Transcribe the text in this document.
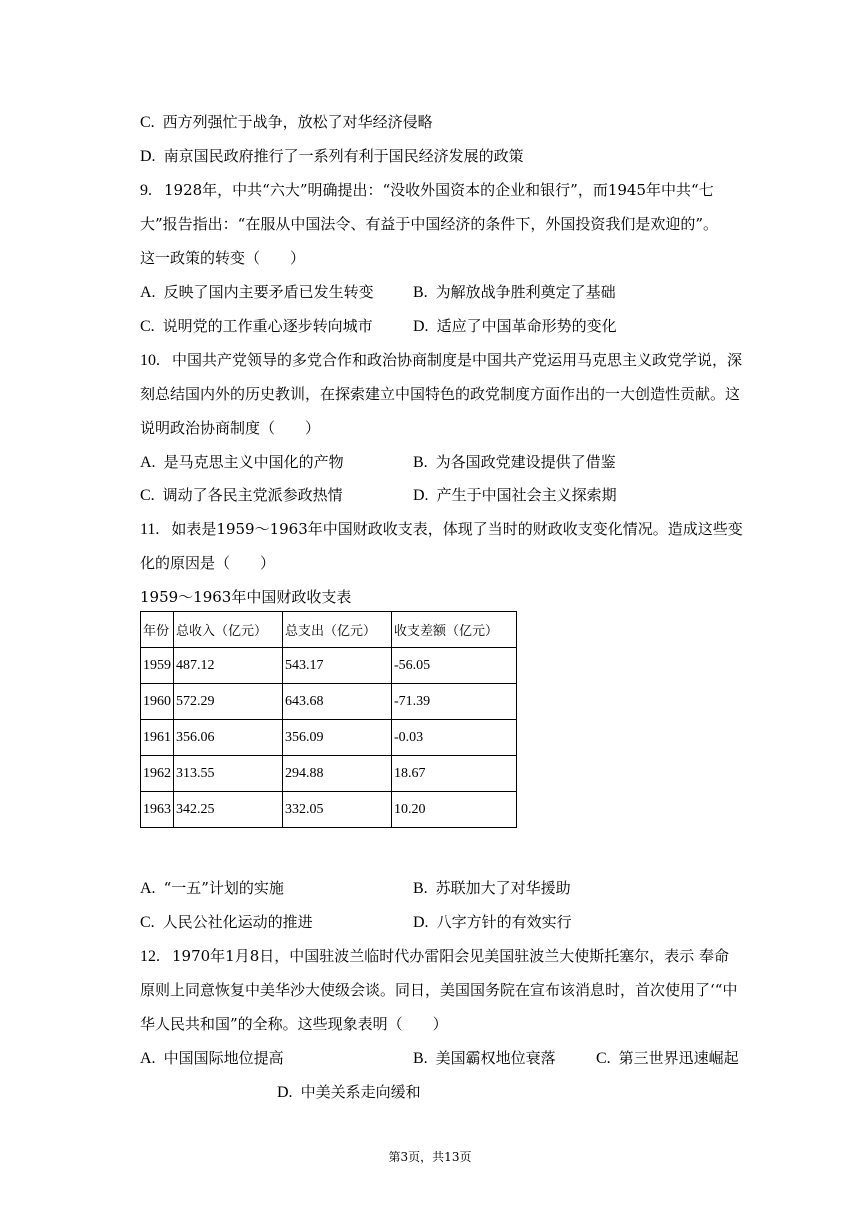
C. 西方列强忙于战争，放松了对华经济侵略
D. 南京国民政府推行了一系列有利于国民经济发展的政策
9. 1928年，中共“六大”明确提出：“没收外国资本的企业和银行”，而1945年中共“七
大”报告指出：“在服从中国法令、有益于中国经济的条件下，外国投资我们是欢迎的”。
这一政策的转变（　　）
A. 反映了国内主要矛盾已发生转变 B. 为解放战争胜利奠定了基础
C. 说明党的工作重心逐步转向城市	D. 适应了中国革命形势的变化
10. 中国共产党领导的多党合作和政治协商制度是中国共产党运用马克思主义政党学说，深
刻总结国内外的历史教训，在探索建立中国特色的政党制度方面作出的一大创造性贡献。这
说明政治协商制度（　　）
A. 是马克思主义中国化的产物	B. 为各国政党建设提供了借鉴
C. 调动了各民主党派参政热情	D. 产生于中国社会主义探索期
11. 如表是1959～1963年中国财政收支表，体现了当时的财政收支变化情况。造成这些变
化的原因是（　　）
1959～1963年中国财政收支表
年份	总收入（亿元）	总支出（亿元）	收支差额（亿元）
1959	487.12	543.17	-56.05
1960	572.29	643.68	-71.39
1961	356.06	356.09	-0.03
1962	313.55	294.88	18.67
1963	342.25	332.05	10.20
A. “一五”计划的实施	B. 苏联加大了对华援助
C. 人民公社化运动的推进	D. 八字方针的有效实行
12. 1970年1月8日，中国驻波兰临时代办雷阳会见美国驻波兰大使斯托塞尔，表示 奉命
原则上同意恢复中美华沙大使级会谈。同日，美国国务院在宣布该消息时，首次使用了‘“中
华人民共和国”的全称。这些现象表明（　　）
A. 中国国际地位提高	B. 美国霸权地位衰落	C. 第三世界迅速崛起
D. 中美关系走向缓和
第3页，共13页
